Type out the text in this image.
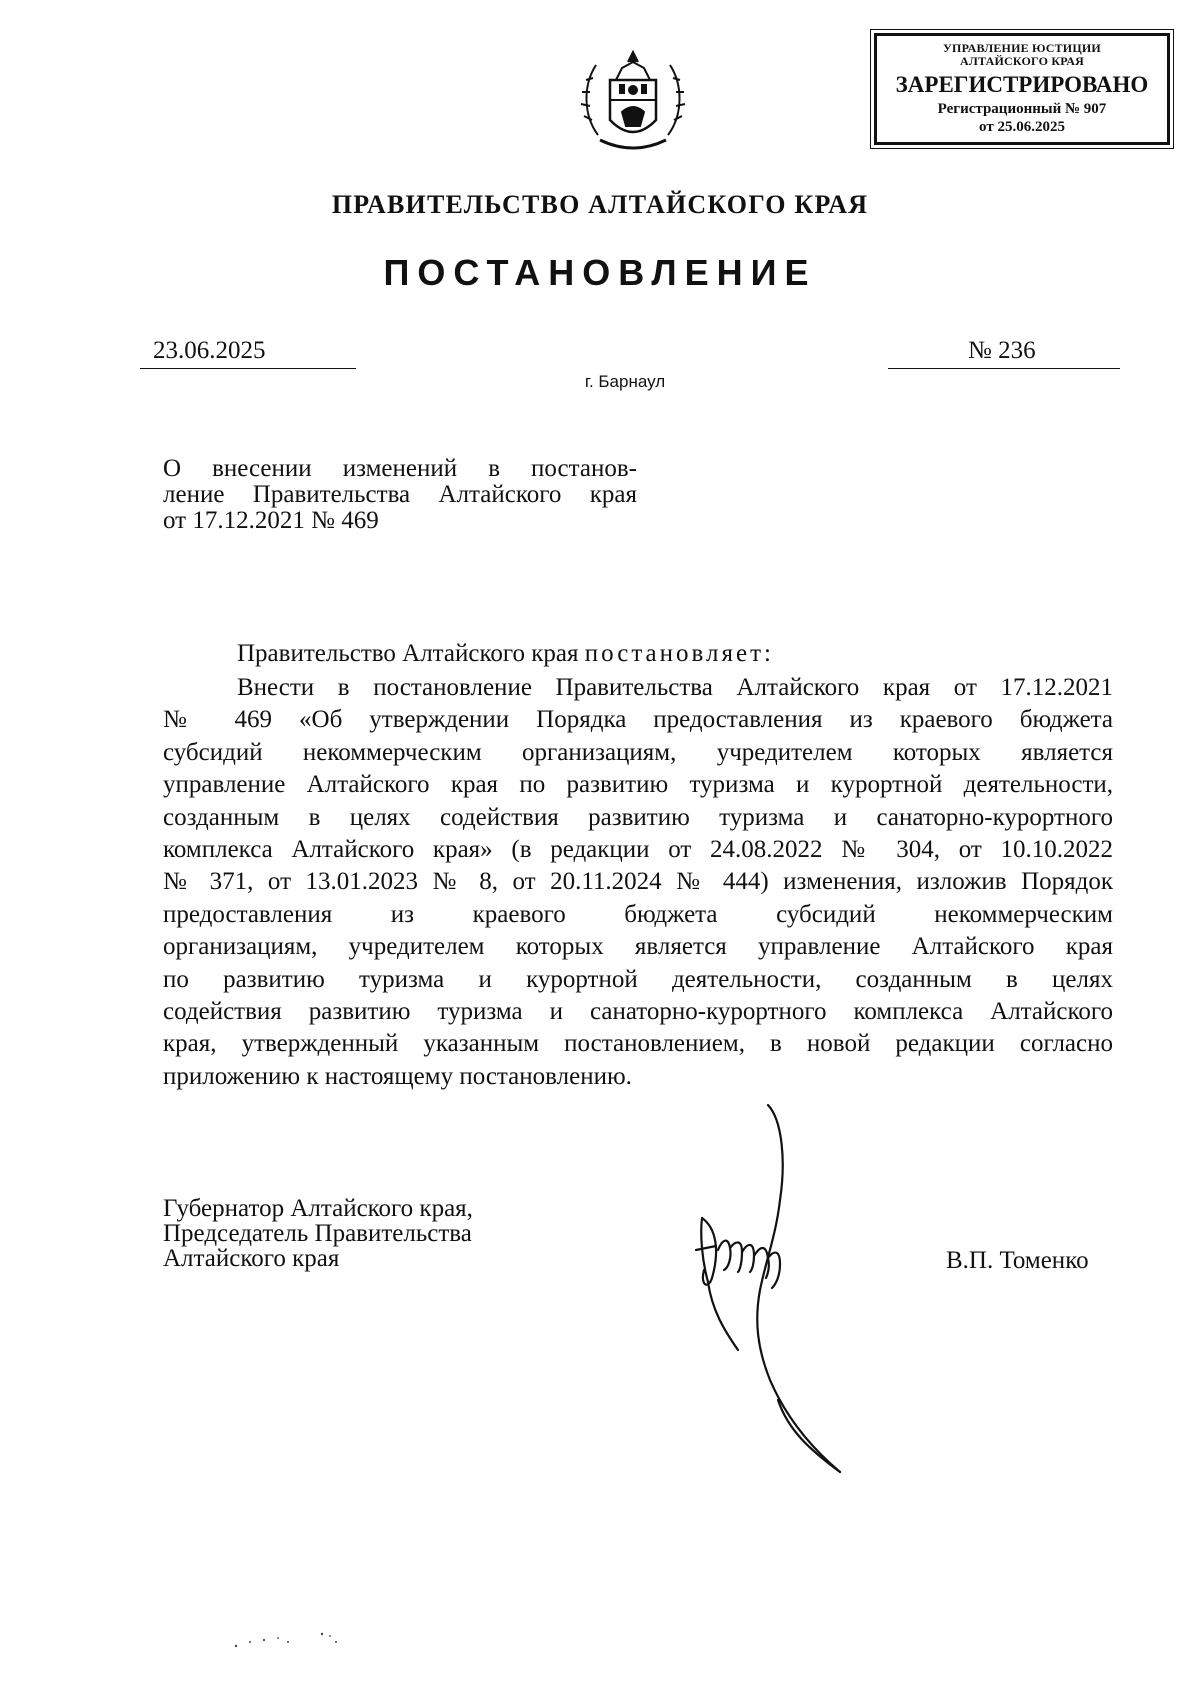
УПРАВЛЕНИЕ ЮСТИЦИИ
АЛТАЙСКОГО КРАЯ
ЗАРЕГИСТРИРОВАНО
Регистрационный № 907
от 25.06.2025
ПРАВИТЕЛЬСТВО АЛТАЙСКОГО КРАЯ
ПОСТАНОВЛЕНИЕ
23.06.2025	№ 236
г. Барнаул

О внесении изменений в постанов-

ление Правительства Алтайского края

от 17.12.2021 № 469

Правительство Алтайского края постановляет:

Внести в постановление Правительства Алтайского края от 17.12.2021

№ 469 «Об утверждении Порядка предоставления из краевого бюджета

субсидий некоммерческим организациям, учредителем которых является

управление Алтайского края по развитию туризма и курортной деятельности,

созданным в целях содействия развитию туризма и санаторно-курортного

комплекса Алтайского края» (в редакции от 24.08.2022 № 304, от 10.10.2022

№ 371, от 13.01.2023 № 8, от 20.11.2024 № 444) изменения, изложив Порядок

предоставления из краевого бюджета субсидий некоммерческим

организациям, учредителем которых является управление Алтайского края

по развитию туризма и курортной деятельности, созданным в целях

содействия развитию туризма и санаторно-курортного комплекса Алтайского

края, утвержденный указанным постановлением, в новой редакции согласно

приложению к настоящему постановлению.

Губернатор Алтайского края,
Председатель Правительства
Алтайского края	В.П. Томенко
